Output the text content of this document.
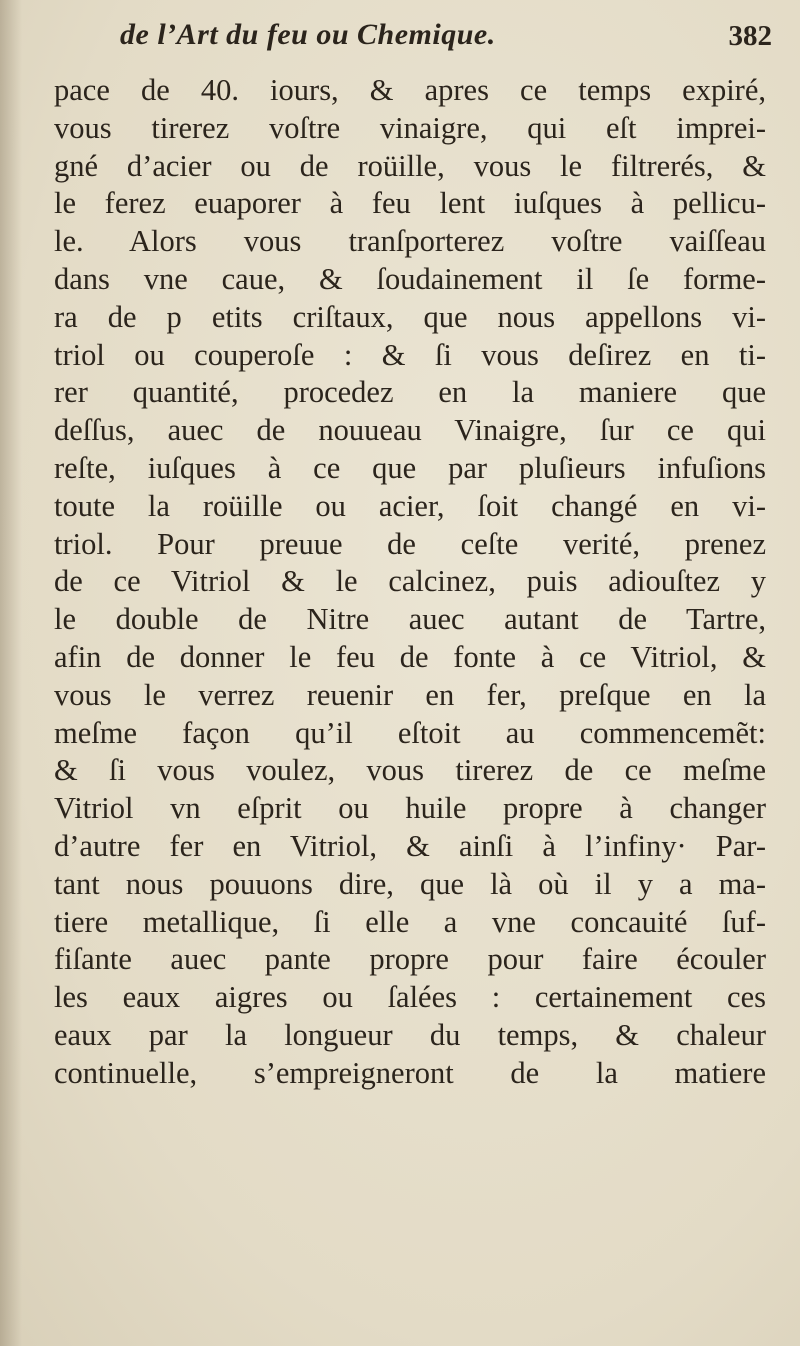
de l’Art du feu ou Chemique.	382
pace de 40. iours, & apres ce temps expiré,
vous tirerez voſtre vinaigre, qui eſt imprei-
gné d’acier ou de roüille, vous le filtrerés, &
le ferez euaporer à feu lent iuſques à pellicu-
le. Alors vous tranſporterez voſtre vaiſſeau
dans vne caue, & ſoudainement il ſe forme-
ra de p etits criſtaux, que nous appellons vi-
triol ou couperoſe : & ſi vous deſirez en ti-
rer quantité, procedez en la maniere que
deſſus, auec de nouueau Vinaigre, ſur ce qui
reſte, iuſques à ce que par pluſieurs infuſions
toute la roüille ou acier, ſoit changé en vi-
triol. Pour preuue de ceſte verité, prenez
de ce Vitriol & le calcinez, puis adiouſtez y
le double de Nitre auec autant de Tartre,
afin de donner le feu de fonte à ce Vitriol, &
vous le verrez reuenir en fer, preſque en la
meſme façon qu’il eſtoit au commencemẽt:
& ſi vous voulez, vous tirerez de ce meſme
Vitriol vn eſprit ou huile propre à changer
d’autre fer en Vitriol, & ainſi à l’infiny· Par-
tant nous pouuons dire, que là où il y a ma-
tiere metallique, ſi elle a vne concauité ſuf-
fiſante auec pante propre pour faire écouler
les eaux aigres ou ſalées : certainement ces
eaux par la longueur du temps, & chaleur
continuelle, s’empreigneront de la matiere
